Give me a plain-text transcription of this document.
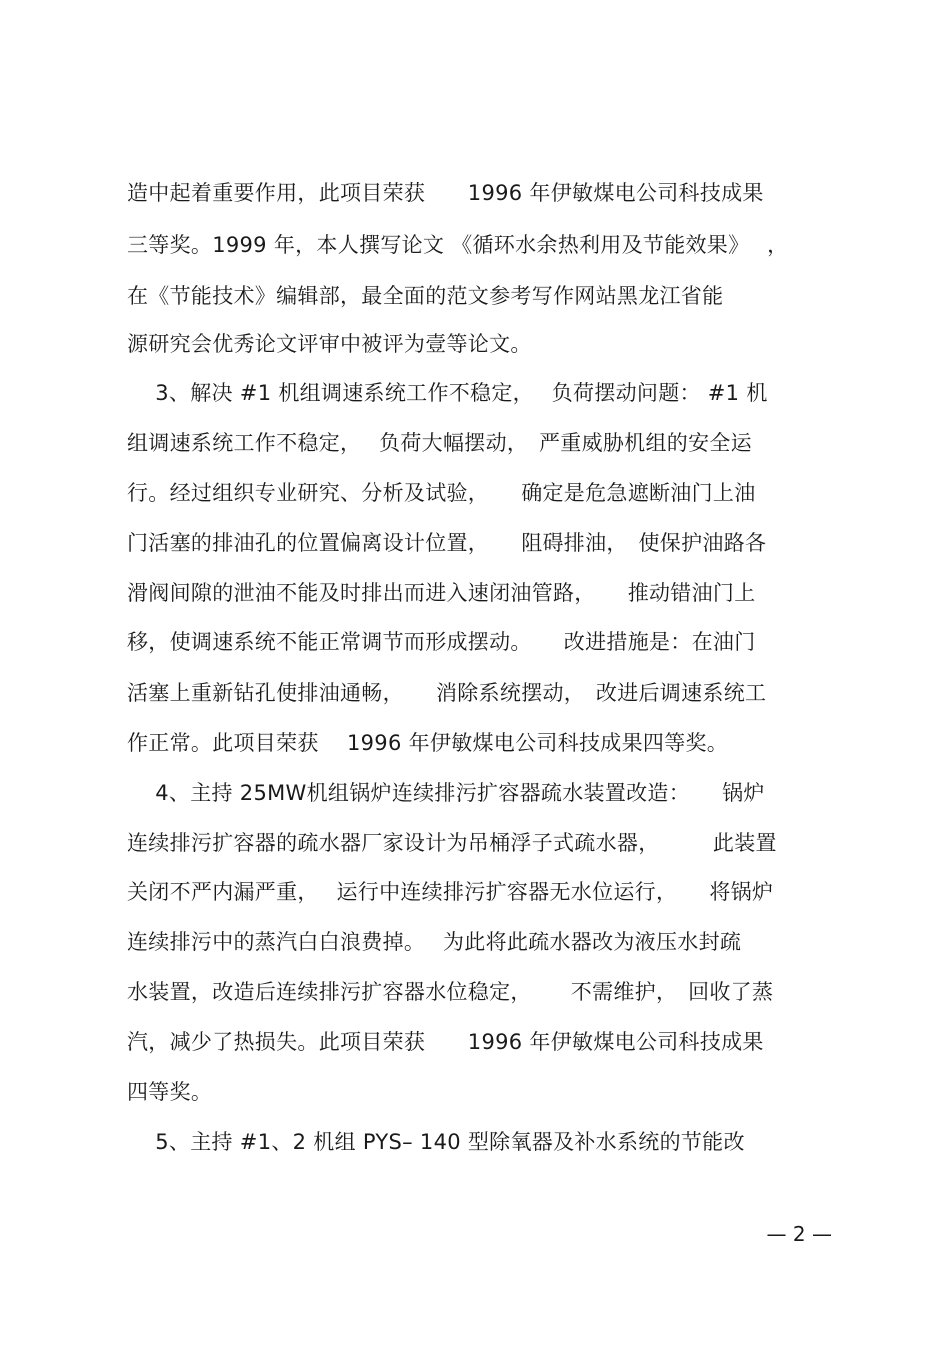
造中起着重要作用，此项目荣获　　1996 年伊敏煤电公司科技成果
三等奖。1999 年，本人撰写论文 《循环水余热利用及节能效果》　 ，
在《节能技术》编辑部，最全面的范文参考写作网站黑龙江省能
源研究会优秀论文评审中被评为壹等论文。
　 3、解决 #1 机组调速系统工作不稳定，　 负荷摆动问题： #1 机
组调速系统工作不稳定，　 负荷大幅摆动，　严重威胁机组的安全运
行。经过组织专业研究、分析及试验，　　确定是危急遮断油门上油
门活塞的排油孔的位置偏离设计位置，　　阻碍排油，　使保护油路各
滑阀间隙的泄油不能及时排出而进入速闭油管路，　　推动错油门上
移，使调速系统不能正常调节而形成摆动。　　改进措施是：在油门
活塞上重新钻孔使排油通畅，　　消除系统摆动，　改进后调速系统工
作正常。此项目荣获　 1996 年伊敏煤电公司科技成果四等奖。
　 4、主持 25MW机组锅炉连续排污扩容器疏水装置改造：　　锅炉
连续排污扩容器的疏水器厂家设计为吊桶浮子式疏水器，　　　此装置
关闭不严内漏严重，　 运行中连续排污扩容器无水位运行，　　将锅炉
连续排污中的蒸汽白白浪费掉。　 为此将此疏水器改为液压水封疏
水装置，改造后连续排污扩容器水位稳定，　　 不需维护，　回收了蒸
汽，减少了热损失。此项目荣获　　1996 年伊敏煤电公司科技成果
四等奖。
　 5、主持 #1、2 机组 PYS– 140 型除氧器及补水系统的节能改
— 2 —
